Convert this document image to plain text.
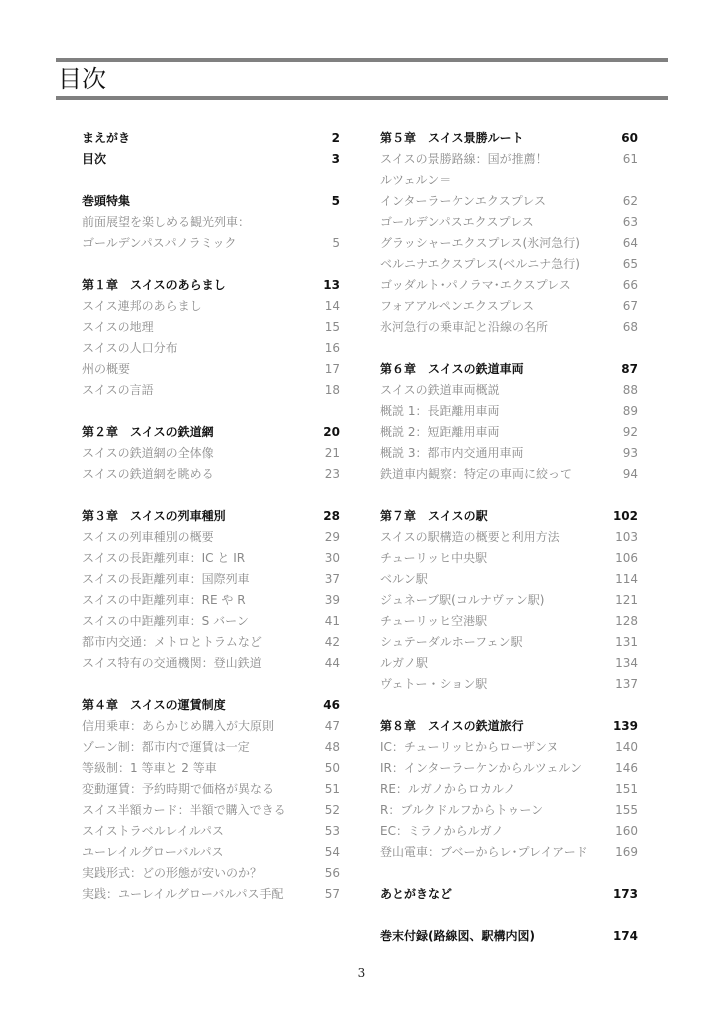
目次
まえがき	2
目次	3
巻頭特集	5
前面展望を楽しめる観光列車：
ゴールデンパスパノラミック	5
第１章　スイスのあらまし	13
スイス連邦のあらまし	14
スイスの地理	15
スイスの人口分布	16
州の概要	17
スイスの言語	18
第２章　スイスの鉄道網	20
スイスの鉄道網の全体像	21
スイスの鉄道網を眺める	23
第３章　スイスの列車種別	28
スイスの列車種別の概要	29
スイスの長距離列車：IC と IR	30
スイスの長距離列車：国際列車	37
スイスの中距離列車：RE や R	39
スイスの中距離列車：S バーン	41
都市内交通：メトロとトラムなど	42
スイス特有の交通機関：登山鉄道	44
第４章　スイスの運賃制度	46
信用乗車：あらかじめ購入が大原則	47
ゾーン制：都市内で運賃は一定	48
等級制：1 等車と 2 等車	50
変動運賃：予約時期で価格が異なる	51
スイス半額カード：半額で購入できる	52
スイストラベルレイルパス	53
ユーレイルグローバルパス	54
実践形式：どの形態が安いのか？	56
実践：ユーレイルグローバルパス手配	57
第５章　スイス景勝ルート	60
スイスの景勝路線：国が推薦！	61
ルツェルン＝
インターラーケンエクスプレス	62
ゴールデンパスエクスプレス	63
グラッシャーエクスプレス(氷河急行)	64
ベルニナエクスプレス(ベルニナ急行)	65
ゴッダルト･パノラマ･エクスプレス	66
フォアアルペンエクスプレス	67
氷河急行の乗車記と沿線の名所	68
第６章　スイスの鉄道車両	87
スイスの鉄道車両概説	88
概説 1：長距離用車両	89
概説 2：短距離用車両	92
概説 3：都市内交通用車両	93
鉄道車内観察：特定の車両に絞って	94
第７章　スイスの駅	102
スイスの駅構造の概要と利用方法	103
チューリッヒ中央駅	106
ベルン駅	114
ジュネーブ駅(コルナヴァン駅)	121
チューリッヒ空港駅	128
シュテーダルホーフェン駅	131
ルガノ駅	134
ヴェトー・ション駅	137
第８章　スイスの鉄道旅行	139
IC：チューリッヒからローザンヌ	140
IR：インターラーケンからルツェルン	146
RE：ルガノからロカルノ	151
R：ブルクドルフからトゥーン	155
EC：ミラノからルガノ	160
登山電車：ブベーからレ･プレイアード 169
あとがきなど	173
巻末付録(路線図、駅構内図)	174
3
